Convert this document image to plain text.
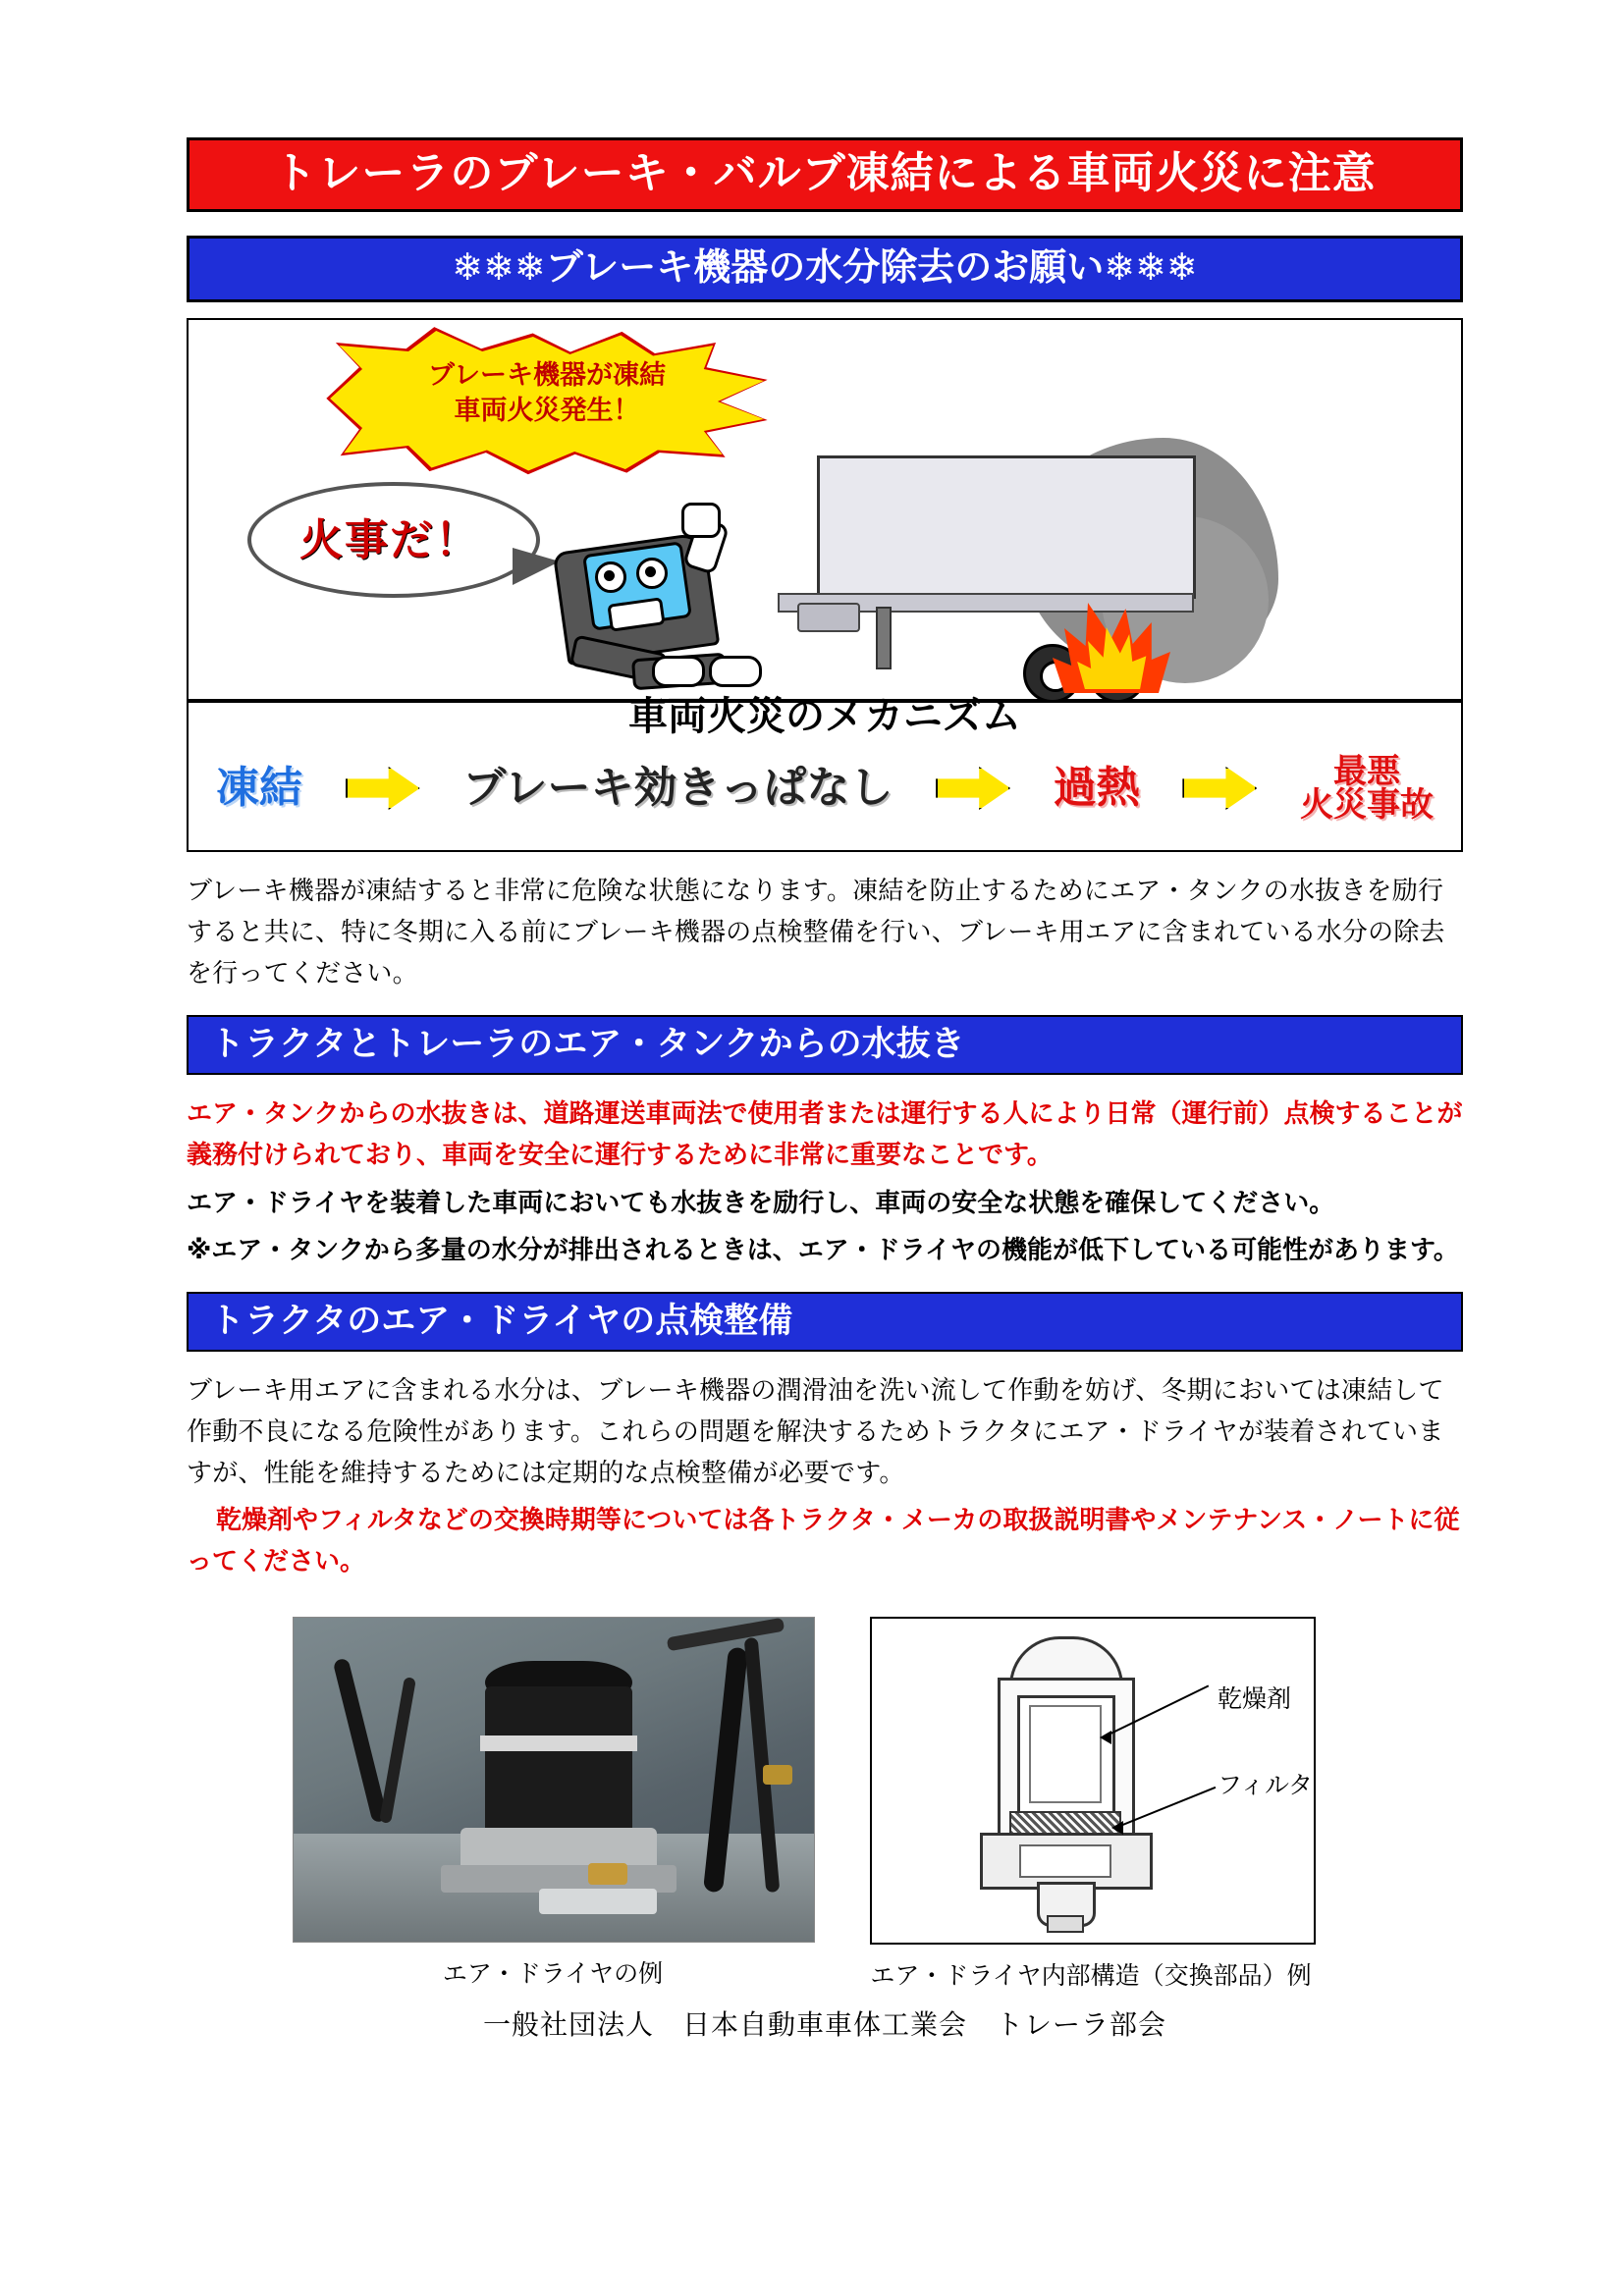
トレーラのブレーキ・バルブ凍結による車両火災に注意
❄❄❄ブレーキ機器の水分除去のお願い❄❄❄
ブレーキ機器が凍結
車両火災発生！
火事だ！
車両火災のメカニズム
凍結	ブレーキ効きっぱなし	過熱	最悪
火災事故

ブレーキ機器が凍結すると非常に危険な状態になります。凍結を防止するためにエア・タンクの水抜きを励行すると共に、特に冬期に入る前にブレーキ機器の点検整備を行い、ブレーキ用エアに含まれている水分の除去を行ってください。

トラクタとトレーラのエア・タンクからの水抜き

エア・タンクからの水抜きは、道路運送車両法で使用者または運行する人により日常（運行前）点検することが義務付けられており、車両を安全に運行するために非常に重要なことです。

エア・ドライヤを装着した車両においても水抜きを励行し、車両の安全な状態を確保してください。

※エア・タンクから多量の水分が排出されるときは、エア・ドライヤの機能が低下している可能性があります。

トラクタのエア・ドライヤの点検整備

ブレーキ用エアに含まれる水分は、ブレーキ機器の潤滑油を洗い流して作動を妨げ、冬期においては凍結して作動不良になる危険性があります。これらの問題を解決するためトラクタにエア・ドライヤが装着されていますが、性能を維持するためには定期的な点検整備が必要です。

乾燥剤やフィルタなどの交換時期等については各トラクタ・メーカの取扱説明書やメンテナンス・ノートに従ってください。

エア・ドライヤの例
乾燥剤
フィルタ
エア・ドライヤ内部構造（交換部品）例
一般社団法人　日本自動車車体工業会　トレーラ部会
